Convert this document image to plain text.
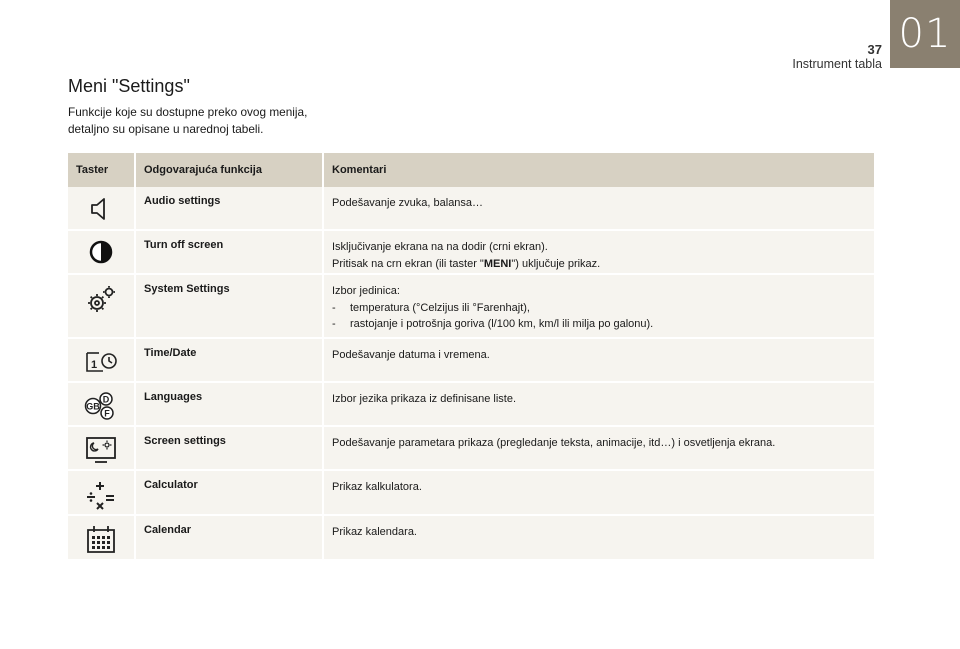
01
37
Instrument tabla
Meni "Settings"
Funkcije koje su dostupne preko ovog menija, detaljno su opisane u narednoj tabeli.
Taster	Odgovarajuća funkcija	Komentari
	Audio settings	Podešavanje zvuka, balansa…
	Turn off screen	Isključivanje ekrana na na dodir (crni ekran).
Pritisak na crn ekran (ili taster "MENI") uključuje prikaz.

	System Settings	Izbor jedinica:
- temperatura (°Celzijus ili °Farenhajt),
- rastojanje i potrošnja goriva (l/100 km, km/l ili milja po galonu).

1	Time/Date	Podešavanje datuma i vremena.

GB
D
F	Languages	Izbor jezika prikaza iz definisane liste.
	Screen settings	Podešavanje parametara prikaza (pregledanje teksta, animacije, itd…) i osvetljenja ekrana.
	Calculator	Prikaz kalkulatora.
	Calendar	Prikaz kalendara.
